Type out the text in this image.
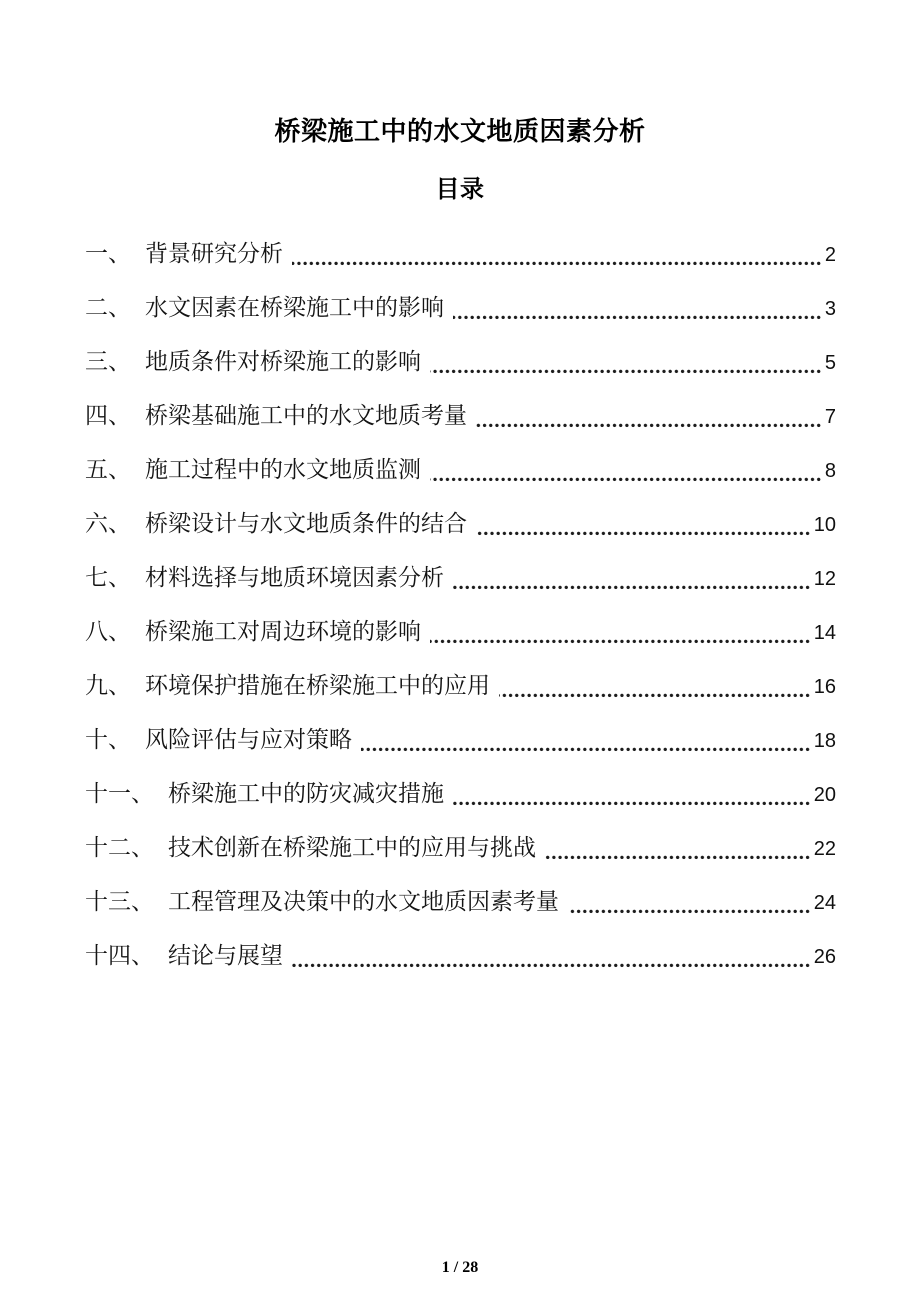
桥梁施工中的水文地质因素分析
目录
一、 背景研究分析	2
二、 水文因素在桥梁施工中的影响	3
三、 地质条件对桥梁施工的影响	5
四、 桥梁基础施工中的水文地质考量	7
五、 施工过程中的水文地质监测	8
六、 桥梁设计与水文地质条件的结合	10
七、 材料选择与地质环境因素分析	12
八、 桥梁施工对周边环境的影响	14
九、 环境保护措施在桥梁施工中的应用	16
十、 风险评估与应对策略	18
十一、 桥梁施工中的防灾减灾措施	20
十二、 技术创新在桥梁施工中的应用与挑战	22
十三、 工程管理及决策中的水文地质因素考量	24
十四、 结论与展望	26
1 / 28
